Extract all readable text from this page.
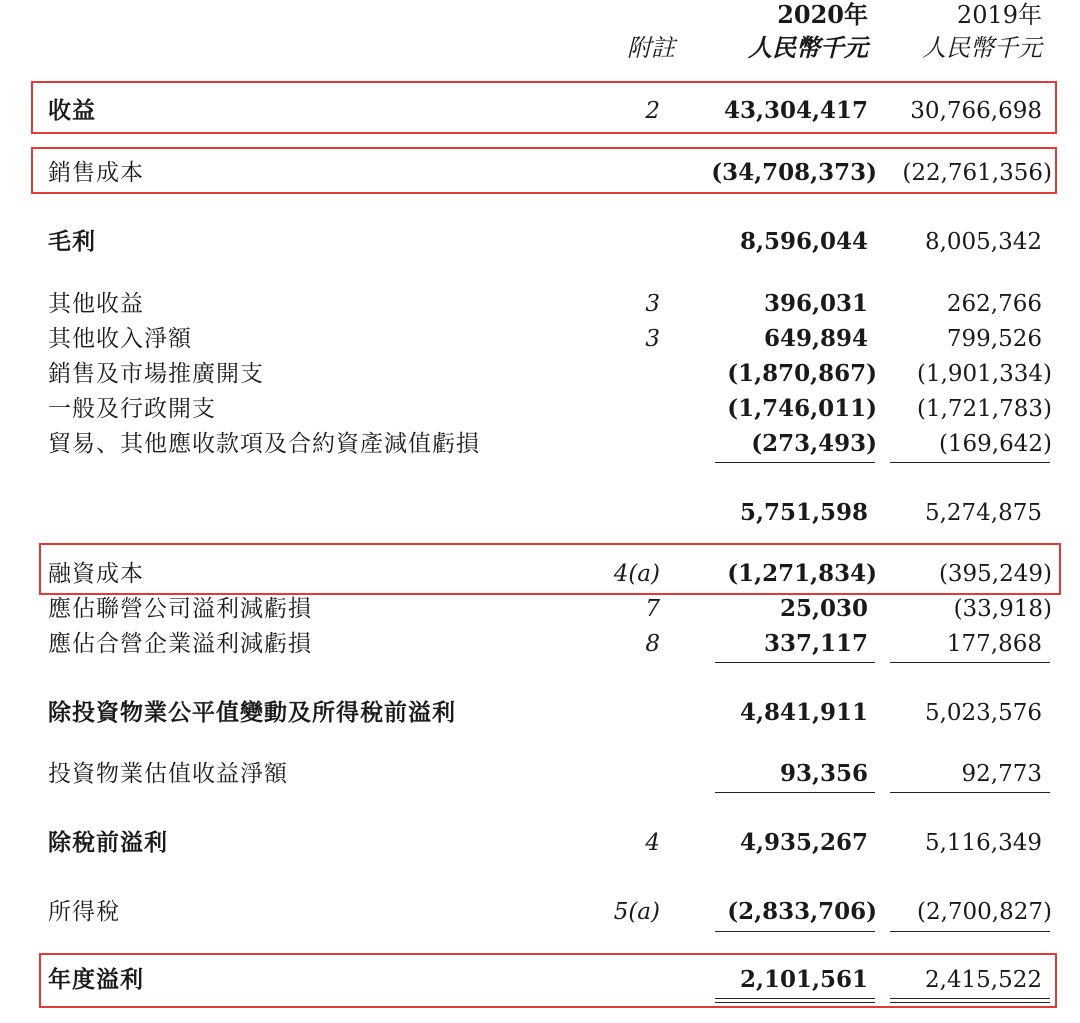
2020年	2019年
附註	人民幣千元 人民幣千元
收益	2	43,304,417 30,766,698
銷售成本	(34,708,373) (22,761,356)
毛利	8,596,044 8,005,342
其他收益	3	396,031	262,766
其他收入淨額	3	649,894	799,526
銷售及市場推廣開支	(1,870,867) (1,901,334)
一般及行政開支	(1,746,011) (1,721,783)
貿易、其他應收款項及合約資產減值虧損	(273,493)	(169,642)
5,751,598 5,274,875
融資成本	4(a)	(1,271,834)	(395,249)
應佔聯營公司溢利減虧損	7	25,030	(33,918)
應佔合營企業溢利減虧損	8	337,117	177,868
除投資物業公平值變動及所得稅前溢利	4,841,911 5,023,576
投資物業估值收益淨額	93,356	92,773
除稅前溢利	4	4,935,267 5,116,349
所得稅	5(a)	(2,833,706) (2,700,827)
年度溢利	2,101,561 2,415,522
